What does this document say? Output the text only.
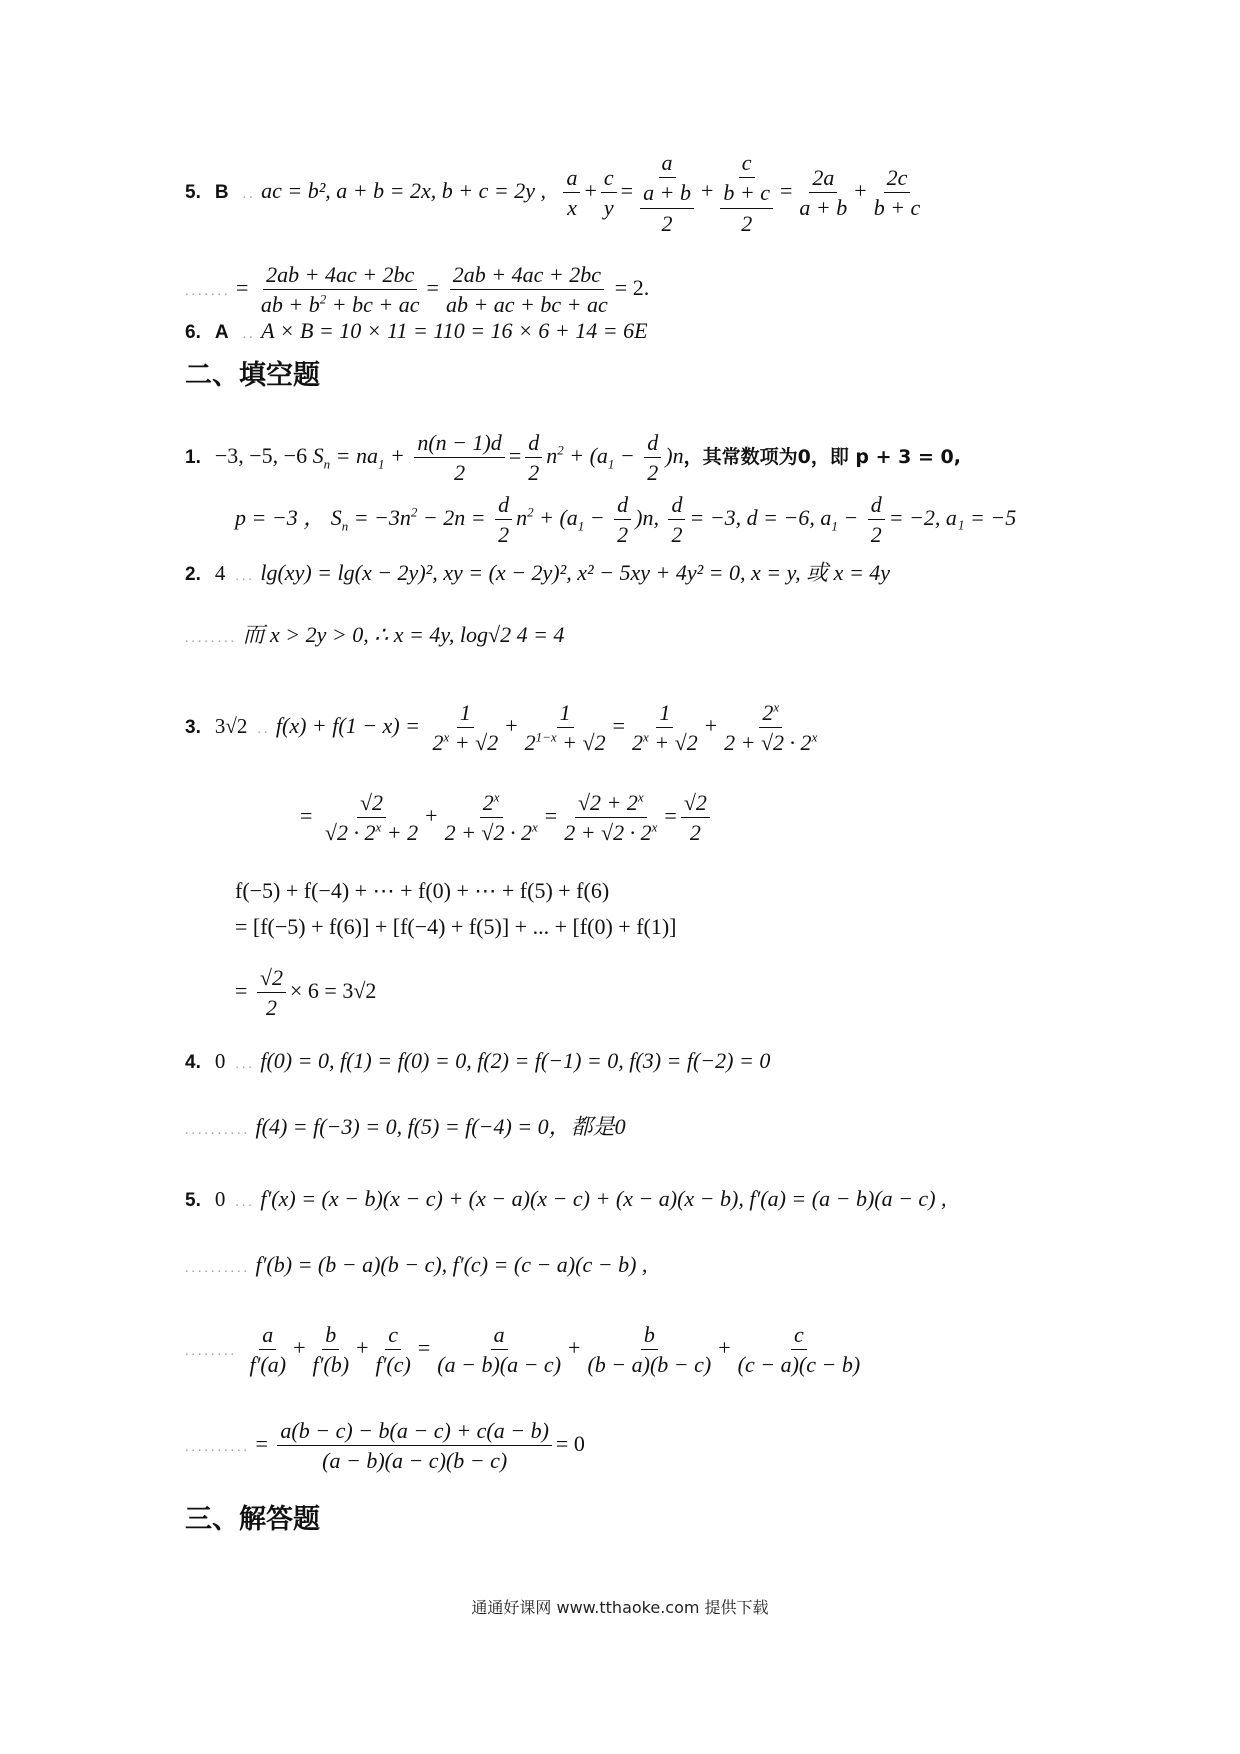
5. B .. ac = b², a + b = 2x, b + c = 2y , $\frac{a}{x} + \frac{c}{y} = \frac{a}{\frac{a + b}{2}} + \frac{c}{\frac{b + c}{2}} = \frac{2a}{a + b} + \frac{2c}{b + c}$
....... = $\frac{2ab + 4ac + 2bc}{ab + b^2 + bc + ac} = \frac{2ab + 4ac + 2bc}{ab + ac + bc + ac} = 2$.
6. A .. A × B = 10 × 11 = 110 = 16 × 6 + 14 = 6E
二、填空题
1. −3, −5, −6 $S_n = na_1 + \frac{n(n - 1)d}{2} = \frac{d}{2} n^2 + (a_1 - \frac{d}{2} )n$，其常数项为0，即 p + 3 = 0,
p = −3 ， $S_n = -3n^2 - 2n = \frac{d}{2} n^2 + (a_1 - \frac{d}{2} )n$, $\frac{d}{2} = -3$, d = −6, $a_1 - \frac{d}{2} = -2$, a₁ = −5
2. 4 ... lg(xy) = lg(x − 2y)², xy = (x − 2y)², x² − 5xy + 4y² = 0, x = y, 或 x = 4y
........ 而 x > 2y > 0, ∴ x = 4y, log√2 4 = 4
3. 3√2 .. $f(x) + f(1 - x) = \frac{1}{2^x + √2} + \frac{1}{2^{1-x} + √2} = \frac{1}{2^x + √2} + \frac{2^x}{2 + √2 \cdot 2^x}$
= $\frac{√2}{√2 \cdot 2^x + 2} + \frac{2^x}{2 + √2 \cdot 2^x} = \frac{√2 + 2^x}{2 + √2 \cdot 2^x} = \frac{√2}{2}$
f(−5) + f(−4) + ⋯ + f(0) + ⋯ + f(5) + f(6)
= [f(−5) + f(6)] + [f(−4) + f(5)] + ... + [f(0) + f(1)]
= $\frac{√2}{2} \times 6 = 3√2$
4. 0 ... f(0) = 0, f(1) = f(0) = 0, f(2) = f(−1) = 0, f(3) = f(−2) = 0
.......... f(4) = f(−3) = 0, f(5) = f(−4) = 0，都是0
5. 0 ... f′(x) = (x − b)(x − c) + (x − a)(x − c) + (x − a)(x − b), f′(a) = (a − b)(a − c) ,
.......... f′(b) = (b − a)(b − c), f′(c) = (c − a)(c − b) ,
........ $\frac{a}{f'(a)} + \frac{b}{f'(b)} + \frac{c}{f'(c)} = \frac{a}{(a - b)(a - c)} + \frac{b}{(b - a)(b - c)} + \frac{c}{(c - a)(c - b)}$
.......... = $\frac{a(b - c) - b(a - c) + c(a - b)}{(a - b)(a - c)(b - c)} = 0$
三、解答题
通通好课网 www.tthaoke.com 提供下载
